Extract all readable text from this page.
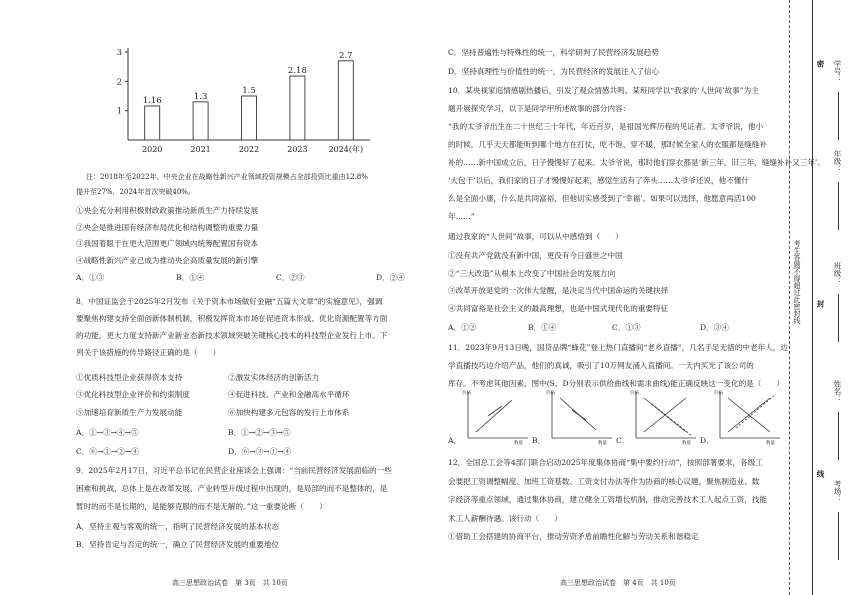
1
2
3
1.16
2020
1.3
2021
1.5
2022
2.18
2023
2.7
2024(年)
注：2018年至2022年，中央企业在战略性新兴产业领域投资规模占全部投资比重由12.8%
提升至27%，2024年首次突破40%。
①央企充分利用积极财政政策推动新质生产力持续发展
②央企是推进国有经济布局优化和结构调整的重要力量
③我国着眼于在更大范围更广领域内统筹配置国有资本
④战略性新兴产业已成为推动央企高质量发展的新引擎
A．①③	B．①④	C．②③	D．②④
8．中国证监会于2025年2月发布《关于资本市场做好金融“五篇大文章”的实施意见》，强调
要聚焦构建支持全面创新体制机制，积极发挥资本市场在促进资本形成、优化资源配置等方面
的功能，更大力度支持新产业新业态新技术领域突破关键核心技术的科技型企业发行上市。下
列关于该措施的传导路径正确的是（　　）
①优质科技型企业获得资本支持	②激发实体经济的创新活力
③优化科技型企业评价和约束制度	④促进科技、产业和金融高水平循环
⑤加速培育新质生产力发展动能	⑥加快构建多元包容的发行上市体系
A．①→③→④→⑤	B．①→②→③→⑤
C．⑥→①→②→④	D．⑥→③→①→④
9．2025年2月17日，习近平总书记在民营企业座谈会上强调：“当前民营经济发展面临的一些
困难和挑战，总体上是在改革发展、产业转型升级过程中出现的，是局部的而不是整体的，是
暂时的而不是长期的，是能够克服的而不是无解的。”这一重要论断（　　）
A．坚持主观与客观的统一，指明了民营经济发展的基本状态
B．坚持肯定与否定的统一，确立了民营经济发展的重要地位
高三思想政治试卷　第 3页　共 10页
C．坚持普遍性与特殊性的统一，科学研判了民营经济发展趋势
D．坚持真理性与价值性的统一，为民营经济的发展注入了信心
10．某央视家庭情感剧热播后，引发了观众情感共鸣。某班同学以“我家的‘人世间’故事”为主
题开展探究学习，以下是同学甲所述故事的部分内容：
“我的太爷爷出生在二十世纪三十年代，年近百岁，是祖国光辉历程的见证者。太爷爷说，他小
的时候，几乎天天都能听到哪个地方在打仗，吃不饱、穿不暖，那时候全家人的衣服都是缝缝补
补的……新中国成立后，日子慢慢好了起来。太爷爷说，那时他们穿衣都是‘新三年，旧三年，缝缝补补又三年’。
‘大包干’以后，我们家的日子才慢慢好起来，感觉生活有了奔头……太爷爷还说，他不懂什
么是全面小康，什么是共同富裕，但他切实感受到了‘幸福’。如果可以选择，他愿意再活100
年……”
通过我家的“人世间”故事，可以从中感悟到（　　）
①没有共产党就没有新中国，更没有今日盛世之中国
②“三大改造”从根本上改变了中国社会的发展方向
③改革开放是党的一次伟大觉醒，是决定当代中国命运的关键抉择
④共同富裕是社会主义的最高理想，也是中国式现代化的重要特征
A．①②	B．①④	C．①③	D．③④
11．2023年9月13日晚，国货品牌“蜂花”登上热门直播间“老乡直播”，几名手足无措的中老年人，边
学直播技巧边介绍产品，他们的真诚，吸引了10万网友涌入直播间。一天内买光了该公司的
库存。不考虑其他因素，图中(S、D分别表示供给曲线和需求曲线)能正确反映这一变化的是（　　）
A．
价格
数量 B．
价格
数量 C．
价格
数量 D．
价格
数量
12．全国总工会等4部门联合启动2025年度集体协商“集中要约行动”，按照部署要求，各级工
会要把工资调整幅度、加班工资基数、工资支付办法等作为协商的核心议题，聚焦制造业、数
字经济等重点领域，通过集体协商，建立健全工资增长机制，推动完善技术工人起点工资，技能
术工人薪酬待遇。该行动（　　）
①借助工会搭建的协商平台，推动劳资矛盾前瞻性化解与劳动关系和谐稳定
高三思想政治试卷　第 4页　共 10页
考生答题不得超过此密封线
密
封
线
学号：
年级：
班级：
姓名：
考场：
